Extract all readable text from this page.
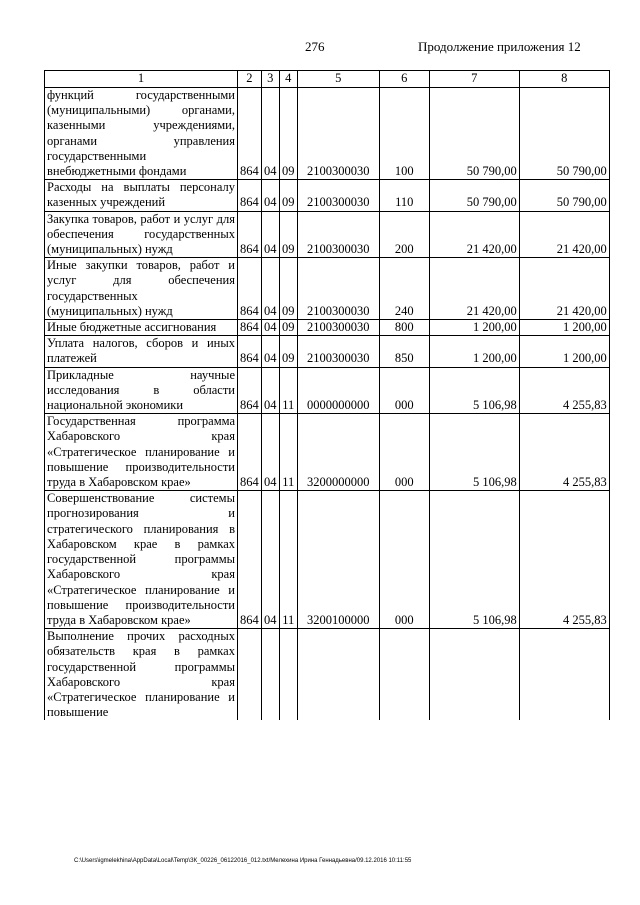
276	Продолжение приложения 12
1	2	3	4	5	6	7	8
функций государственными (муниципальными) органами, казенными учреждениями, органами управления государственными внебюджетными фондами	864	04	09	2100300030	100	50 790,00	50 790,00
Расходы на выплаты персоналу казенных учреждений	864	04	09	2100300030	110	50 790,00	50 790,00
Закупка товаров, работ и услуг для обеспечения государственных (муниципальных) нужд	864	04	09	2100300030	200	21 420,00	21 420,00
Иные закупки товаров, работ и услуг для обеспечения государственных (муниципальных) нужд	864	04	09	2100300030	240	21 420,00	21 420,00
Иные бюджетные ассигнования	864	04	09	2100300030	800	1 200,00	1 200,00
Уплата налогов, сборов и иных платежей	864	04	09	2100300030	850	1 200,00	1 200,00
Прикладные научные исследования в области национальной экономики	864	04	11	0000000000	000	5 106,98	4 255,83
Государственная программа Хабаровского края «Стратегическое планирование и повышение производительности труда в Хабаровском крае»	864	04	11	3200000000	000	5 106,98	4 255,83
Совершенствование системы прогнозирования и стратегического планирования в Хабаровском крае в рамках государственной программы Хабаровского края «Стратегическое планирование и повышение производительности труда в Хабаровском крае»	864	04	11	3200100000	000	5 106,98	4 255,83
Выполнение прочих расходных обязательств края в рамках государственной программы Хабаровского края «Стратегическое планирование и повышение							
C:\Users\igmelekhina\AppData\Local\Temp\ЗК_00226_06122016_012.txt/Мелехина Ирина Геннадьевна/09.12.2016 10:11:55
